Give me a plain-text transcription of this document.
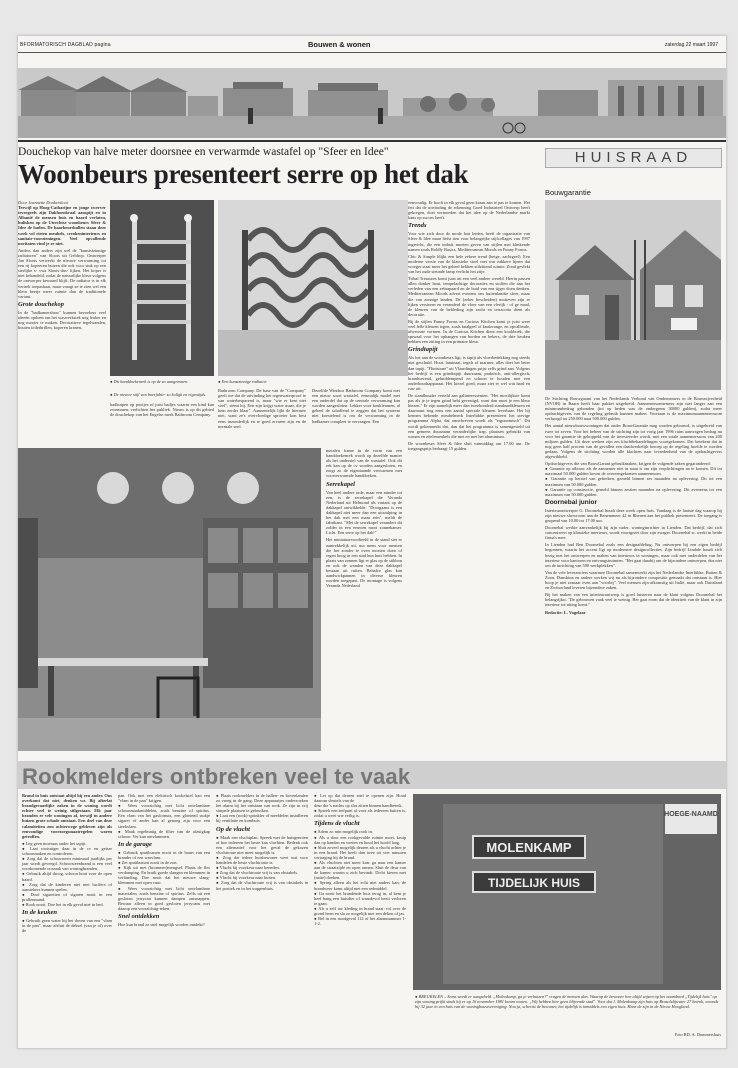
BFORMATORISCH DAGBLAD pagina	Bouwen & wonen	zaterdag 22 maart 1997
Douchekop van halve meter doorsnee en verwarmde wastafel op "Sfeer en Idee"
Woonbeurs presenteert serre op het dak
Door Jeannette Donkersloot
Terwijl op Hoog-Catharijne en jonge zwerver tevergeefs zijn Dakhoenkraal aanspijt en in Albanië de mensen huis en haard verlaten, bulishen op de Utrechtse woonbeurs Sfeer & Idee de baden. De haarbeursballen staan deze week vol rieten meubels, creokeninterieurs en sanitair-voorzieningen. Veel opvallende novitaten vind je er niet.
Anders dan anders zijn wel de "kunststzinnige radiatoren" van Sloots uit Geldrop. Ontwerper Jan Sloots verwerkt de nieuwe verwarming tot een rij kopeeren buizen die ook voor stuk op een sierlijke s- vwa Sloots-dus- lijken. Het koper is niet behandeld, zodat de natuurlijke kleur volgens de ontwerper bewaard blijft. De radiator is in elk vertrek toepasbaar, maar vraagt ze te zien wel een klein beetje meer ruimte dan de traditionele variant.
Grote douchekop
In de "badkamershow" kunnen bezoekers veel ideeën opdoen om het waswerkstek nog leuker en nog mooier te maken. Decoratieve tegelwanden, houten toiletbrillen, koperen kranen,
● Dit handdoekenrek is op de zo aangezonen.	● Een kunstzinnige radiator.
● De nieuwe stijl van boerfabie- zo koligk en eigentijds.
Bathroom Company. De base van de "Company" geeft toe dat de uitvinding het regenwaterproof te van waterbesparend is, maar "wie er kent niet veel", stemt hij. Een zijn krijgt water maar, die je hem eerder klaar". Aannemelijk lijkt de hiermee niet, want ze's overvloedige sproeier kon best eens inzonderlijk en te goed ervaren zijn en de normale snel.
Dezelfde Windsor Bathroom Company komt met een nieuw soort wastafel, eenmalijk model met een onderdel dat op de centrale verwarming kan worden aangesloten. Lekker voor koukleumen, al geheel de schaffend te zeggen dat het systeem niet koestelend is om de verwarming in de badkamer compleet te vervangen. Een
badkuipen op pootjes of juist badjes waarin een kind kan zwemmen, verlichten het publiek. Nieuw is op dit gebied de douchekop van het Engelse merk Bathroom Company.
metalen frame in de vorm van een handdoekenrek wordt op dezelfde manier als het onderstel van de wastafel. Ook dit rek kan op de cv worden aangesloten, en zorgt zo de eigentaande verwarmen met voorverwarmde handdoeken.
Serrekapel
Van heel andere orde, maar een minder tot een, is de serrekapel die Veranda Nederland uit Helmond als variant op de dakkapel ontwikkelde. "Doorgaans is een dakkapel niet meer dan een uitstulping in het dak met een mam erin", meldt de fabrikant. "Met de serrekapel verandert dit zolder in een eeuwen mooi zonnekamer. Licht. Een serre op het dak!"
Het miniatuurvoorbeeld in de stand siet er aantrekkelijk uit, ma mens voor mensen die het zonder te even moeten doen of regen hoog in een stad hun huis hebben. In plaats van zonnen ligt er glas op de stikbon en ook de wanden van deze dakkapel bestaan uit ruiten. Behalve glas kan aandwickpannen in diverse kleuren worden toegepast. De montage is volgens Veranda Nederland
eenvoudig. Er hooft in elk geval geen kraan aan te pas te komen. Het feit dat de uitvinding de erkenning Goed Industrieel Ontwerp heeft gekregen, doet vermoeden dat het idee op de Nederlandse markt kans op succes heeft.
Trends
Voor wie zich door de mode laat leiden, heeft de organisatie van Sfeer & Idee maar liefst tien voor belangrijke stijlcollages van 1997 ingericht, die een indruk moeten geven van stijlen met klinkende namen zoals Boldly Basics, Mediterranean Moods en Funny Forms.
Chic & Simple blijkt een hele zekere trend (beige, zachtgeel). Een moderne versie van de klassieke stoel met wat zakkere lijnen dat vroeger staat meer het geheel hebben stilzittend ruimte. Zond gevlekt van het oude steunde lamp verlicht het zitje.
Tribal Treasures komt juist uit een veel andere wereld. Hierin passen allen donker hout, tempelachtige decoraties en stoffen die aan het verleden van een zebrapaard en de huid van een tijger doen denken. Mediterranean Moods advert evenens ons buitenlandse sfeer, maar die van zonnige landen. De (zeker bescheiden) motieven zijn er lijken versieren en veranderd de vloer van een vlerijk - of ge maal, de kleuren van de bekleding zijn zacht en terracotta dient als decoratie.
Bij de stijlen Funny Forms en Curious Kitchen komt je juist weer veel felle kleuren tegen, zoals knalgeel of knalorange, en opvallende, afwerzate vormen. In de Curious Kitchen dient een kookboek, die sprwaal voor het ophangen van borden en bekers, de drie keuken hebben een zitting in een primaire kleur.
Grindtapijt
Als het aan de woonbeurs ligt, is tapijt als vloerbedekking nog steeds niet geschuld. Hout, laminaat, tegels of marmer, alles doet het beter dan tapijt. "Flintstone" uit Vlaardingen prijst zelfs grind aan. Volgens het bedrijf is een grindtapijt duurzaam, praktisch, anti-allergisch, brandwerend, geluiddempend en schoon te houden met een onderhoudsapparaat. Het kiezel goed, maar ziet er wel wat hard en ruw uit.
De standhouder verteld aan galinteressenten: "Het moeilijkste komt pas als je je tegen grind hebt gevestigd, want dan moet je een kleur kiezen." Er zijn namelijk meer dan tweehonderd standaardkleuren en daarnaast nog eens een aantal speciale kleuren leverbaar. Het bij kennen bekende meubelmerk Interlübke presenteert het stevige programma Alpha, dat omschreven wordt als "ergonomisch". Dit wordt gekenmerkt dat, dan dat het programma is samengesteld uit een gemeen duurzaam veranderlijke trap, plaatsen gebruikt van wonen en zitelemeubels die met en met het aluminium.
De woonbeurs Sfeer & Idee sluit vanmiddag om 17.00 uur. De toegangsprijs bedraagt 15 gulden.
HUISRAAD
Bouwgarantie
De Stichting Bouwgarant van het Nederlands Verbond van Ondernemers in de Bouwnijverheid (NVOB) in Baarn heeft haar pakket uitgebreid. Aannemersonnemers zijn niet langer aan een minimumbedrag gebonden (tot op heden was de ondergrens 30000 gulden), zodat meer opdrachtgevers van de regeling gebruik kunnen maken. Voortaan is de maximumaannemerssom verhoogd tot 250.000 naar 500.000 gulden.
Het aantal nieuwbouwwoningen dat onder BouwGarantie mag worden gebouwd, is uitgebreid van twee tot zeven. Voor het beheer van de stichting zijn tot vorig jaar 1996 ruim aanvragen bedrag nu voor het garantie de gekoppeld van de investeerder wordt, met een totale aannemerssom van 200 miljoen gulden. Uit deze werken zijn zes klachtbehandelingen voortgekomen. Dat betekent dat in nog geen half procent van de gevallen een daadwerkelijk beroep op de regeling hoefde te worden gedaan. Volgens de stichting worden alle klachten naar tevredenheid van de opdrachtgevers afgewikkeld.
Opdrachtgevers die van BouwGarant gebruikmaken, krijgen de volgende zaken gegarandeerd:
● Garantie op afbouw als de aannemer niet in staat is om zijn verplichtingen na te komen. Dit tot maximaal 50.000 gulden boven de overeengekomen aanneemsom.
● Garantie op herstel van gebreken, gemeld binnen zes maanden na oplevering. Dit tot een maximum van 50.000 gulden.
● Garantie op constructie, gemeld binnen zestien maanden na oplevering. Dit eveneens tot een maximum van 50.000 gulden.
Doornebal junior
Interieurontwerper G. Doornebal houdt deze week open huis. Vandaag is de laatste dag waarop hij zijn nieuwe showroom aan de Benemmeer 42 in Rhenen aan het publiek presenteert. De toegang is geopend van 10.00 tot 17.00 uur.
Doornebal werkte aanvankelijk bij zijn vader, woninginrichter in Lienden. Dat bedrijf, dat zich concentreert op klassieke interieurs, wordt voortgezet door zijn zwager. Doornebal sr. werkt in beide firma's mee.
In Lienden had Ben Doornebal zoals een designafdeling. Nu ontwerpen hij een eigen bedrijf begonnen, waarin het accent ligt op modernere designcollecties. Zijn bedrijf Lindale houdt zich bezig met het ontwerpen en maken van interieurs in woningen, maar ook met onderdelen van het interieur voor kantoren en ontvangstruimten. "Het gaat daarbij om de bijzondere ontwerpen, dus niet om de inrichting van 500 werkplekken".
Van de vele leveranciers waarmee Doornebal samenwerkt zijn het Nederlandse Interlübke, Buiten & Zoon, Danskina en andere werken wij nu als bijzondere compositie gemaakt dat ontstaan is. Hier hoop je niet zomaar even aan "voorbij". Veel mensen zijn afkomstig uit Italië, maar ook Duitsland en Zwitserland leveren bijzondere zaken.
Bij het maken van een interieurontwerp is goed luisteren naar de klant volgens Doornebal het belangrijkst. "De gebouwen vaak veel te weinig. Het gaat erom dat de identiteit van de klant in zijn interieur tot uiting komt."
Redactie: L. Vogelaar
Rookmelders ontbreken veel te vaak
Brand in huis ontstaat altijd bij een ander. Ons overkomt dat niet, denken we. Bij afterlat brandgevaarlijke zaken in de woning wordt echter veel te weinig stilgestaan. Elk jaar branden er vele woningen af, terwijl in andere huizen grote schade ontstaat. Een deel van deze calamiteiten zou achterwege gebleven zijn als eenvoudige voorzorgsmaatregelen waren getroffen.
● Leg geen moeraas onder het tapijt.
● Laat rooisuiger daar in de cv en geiser schoonmaken en controleren.
● Zorg dat de schoorsteen minimaal jaarlijks per jaar wordt geveegd. Schoorsteenbrand is een veel voorkomende oorzaak van woningbranden.
● Gebruik altijd droog, schoon hout voor de open haard.
● Zorg dat de kinderen niet met lucifers of aanstekers kunnen spelen.
● Doof sigaretten of sigaren nooit in een prullenmand.
● Rook nooit. Doe het in elk geval niet in bed.
In de keuken
● Gebruik geen water bij het doven van een "vlam in de pan", maar afsluit de deksel (van je of) over de
pan. Ook met een elektrisch kookelstel kan een "vlam in de pan" krijgen.
● Wees voorzichtig met licht ontvlambare schoonmaakmiddelen, zoals benzine of spiritus. Een vlam van het gasfornuis, een gloeiend stukje sigaret of ander kan al genoeg zijn voor een steekvlam.
● Maak regelmatig de filter van de afzuigkap schoon. Vet kan ontvlammen.
In de garage
● Gebruik spuitbussen nooit in de buurt van een brander of een wasvlam.
● Zet spuitbussen nooit in de zon.
● Kijk uit met (brommer)mengsel. Plaats de fles verdamping. En bruik goede slangen en klemmen in verbinding. Doe nooit dat het nieuwe slang-klemmen met open vuur.
● Wees voorzichtig met licht ontvlambare materialen, zoals benzine of spiritus. Zelfs uit een gesloten jerrycan kunnen dampen ontsnappen. Bewaar alleen in goed gesloten jerrycans met daarop een voorzichtig-teken.
Snel ontdekken
Hoe kun brand zo snel mogelijk worden ontdekt?
● Plaats rookmelders in de hallen- en bovenlanden zo vroeg in de gang. Deze apparaatjes onderzoeken het alarm bij het ontstaan van rook. Ze zijn in vrij simpele plaatsen te gebruiken.
● Laat een (rook)-sprinkler of meeldelen installeren bij ventilatie en kombuis.
Op de vlucht
● Maak een vluchtplan. Spreek met de huisgenoten af hoe iedereen het beste kan vluchten. Bedenk ook een alternatief voor het geval de gekozen vluchtroute niet meer mogelijk is.
● Zorg dat iedere huisbewoner weet wat voor handelen de beste vluchtroute is.
● Vlucht bij voorkeur naar beneden.
● Zorg dat de vluchtroute vrij is van obstakels.
● Vlucht bij voorkeur naar buiten.
● Zorg dat de vluchtroute vrij is van obstakels in het portiek en in het trappenhuis.
● Let op dat deuren snel te openen zijn. Houd daarom sleutels van de
deur die 's nachts op slot zitten binnen handbereik.
● Spreek een trefpunt af voor als iedereen buiten is, zodat u weet wie veilig is.
Tijdens de vlucht
● Adem zo min mogelijk rook in.
● Als u door een rookgevulde ruimte moet, kruip dan op handen en voeten en houd het hoofd laag.
● Sluit zoveel mogelijk deuren als u vlucht achter je in een brand. Het heeft dan twee tot vier minuten vertraging bij de brand.
● Als vluchten niet meer kan: ga naar een kamer aan de straatzijde en open ramen. Sluit de deur van de kamer waarin u zich bevindt. Dicht kieren met (natte) doeken.
● Spring alleen als het echt niet anders kan; de brandweer komt altijd met een redmiddel.
● Ga nooit het brandende huis terug in, al bent je heel bang een huisdier of waardevol bezit verloren te gaan.
● Als u zelf uw kleding in brand staat: rol over de grond heen en sla zo mogelijk met een deken of jas.
● Bel in een noodgeval 112 of het alarmnummer 1-1-2.
MOLENKAMP
TIJDELIJK HUIS
HOEGE-NAAMD
● BREUKELEN – Soms wordt er aangebeld. „Molenkamp, ga je verhuizen?" vragen de mensen dan. Waarop de bewoner hen altijd wijzen op het naambord „Tijdelijk huis" op zijn woning prijkt sinds hij er op 16 november 1981 kwam wonen. „Wij hebben hier geen blijvende stad". Voor dat J. Molenkamp zijn huis op Braschdijwater 27 betrok, woonde hij 32 jaar in een huis van de woningbouwvereniging. Nou ja, schertst de bewoner, het tijdelijk is inmiddels een eigen huis. Haar de zijn in de Nieuw Hoogland.
Foto RD, A. Dommershuis
